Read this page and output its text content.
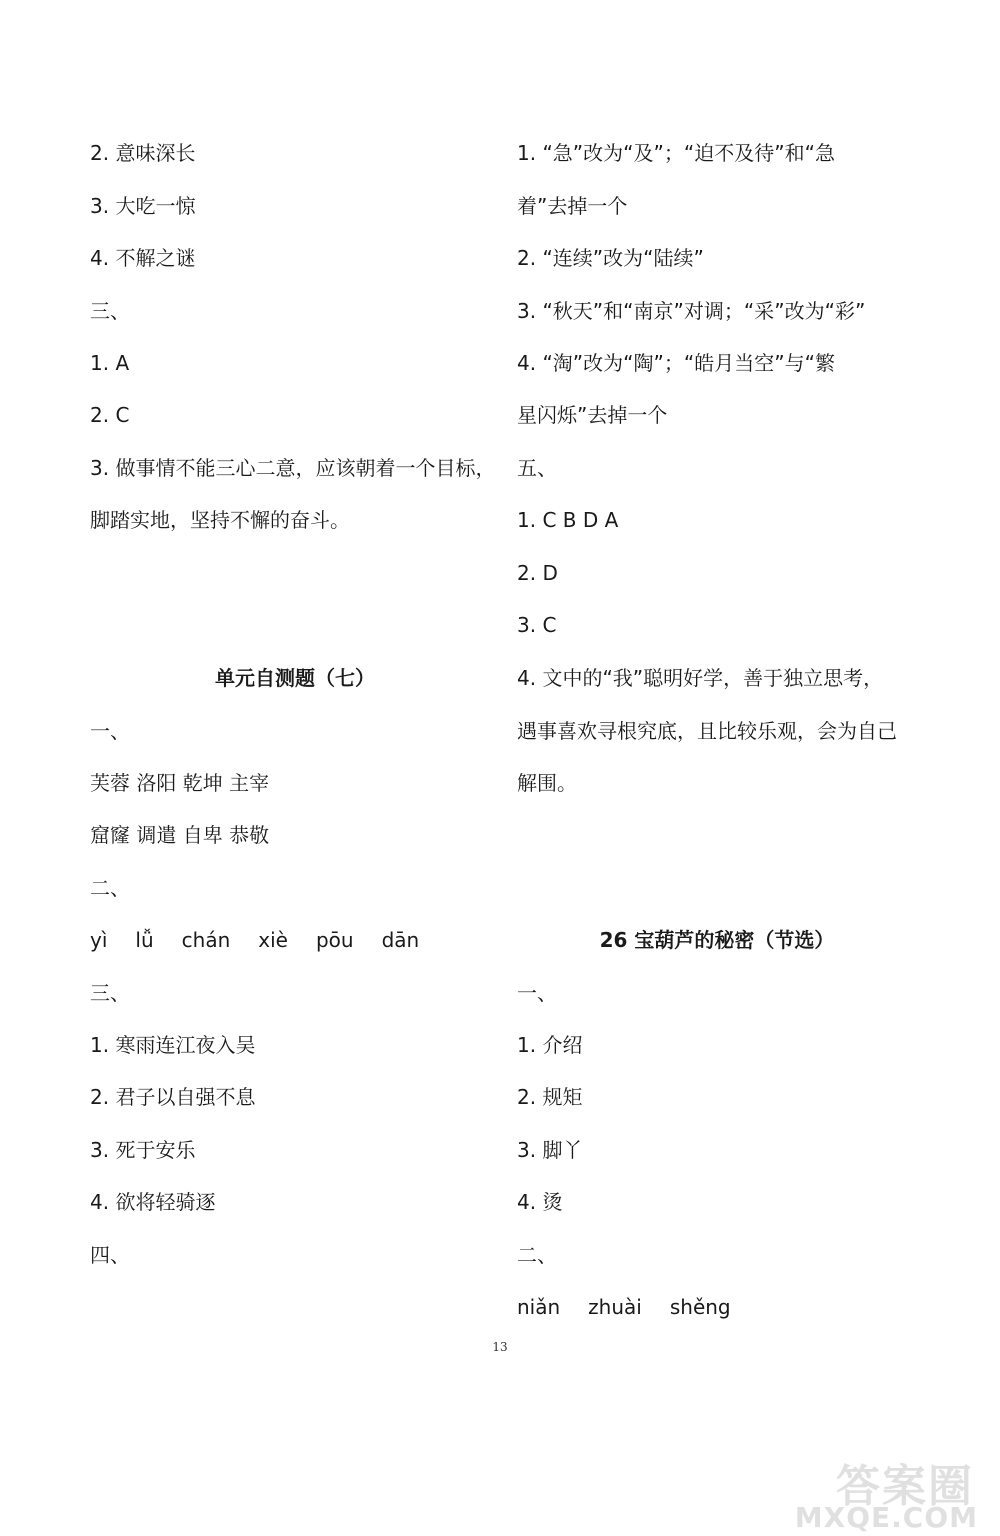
2. 意味深长
3. 大吃一惊
4. 不解之谜
三、
1. A
2. C
3. 做事情不能三心二意，应该朝着一个目标，
脚踏实地，坚持不懈的奋斗。
单元自测题（七）
一、
芙蓉 洛阳 乾坤 主宰
窟窿 调遣 自卑 恭敬
二、
yì lǚ chán xiè pōu dān
三、
1. 寒雨连江夜入吴
2. 君子以自强不息
3. 死于安乐
4. 欲将轻骑逐
四、
1. “急”改为“及”；“迫不及待”和“急
着”去掉一个
2. “连续”改为“陆续”
3. “秋天”和“南京”对调；“采”改为“彩”
4. “淘”改为“陶”；“皓月当空”与“繁
星闪烁”去掉一个
五、
1. C B D A
2. D
3. C
4. 文中的“我”聪明好学，善于独立思考，
遇事喜欢寻根究底，且比较乐观，会为自己
解围。
26 宝葫芦的秘密（节选）
一、
1. 介绍
2. 规矩
3. 脚丫
4. 烫
二、
niǎn zhuài shěng
13
答案圈
MXQE.COM
